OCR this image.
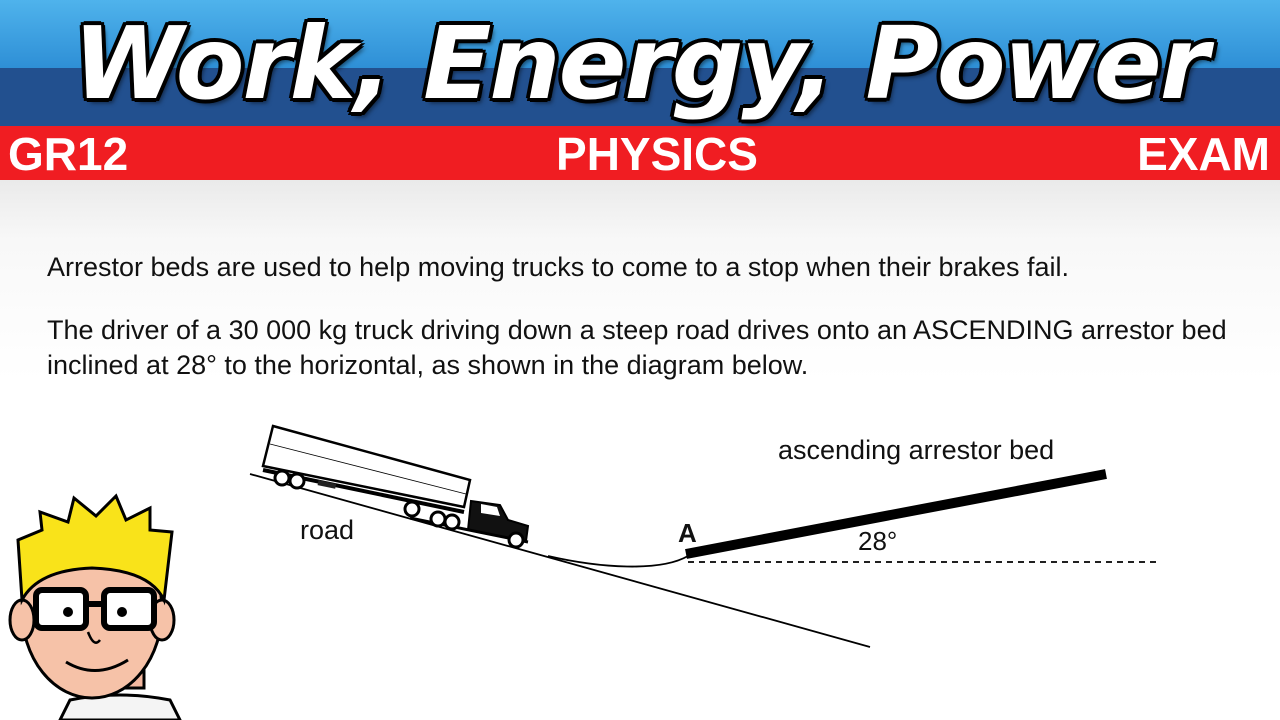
Work, Energy, Power
GR12	PHYSICS	EXAM

Arrestor beds are used to help moving trucks to come to a stop when their brakes fail.

The driver of a 30 000 kg truck driving down a steep road drives onto an ASCENDING arrestor bed inclined at 28° to the horizontal, as shown in the diagram below.

road
ascending arrestor bed
28°
A
